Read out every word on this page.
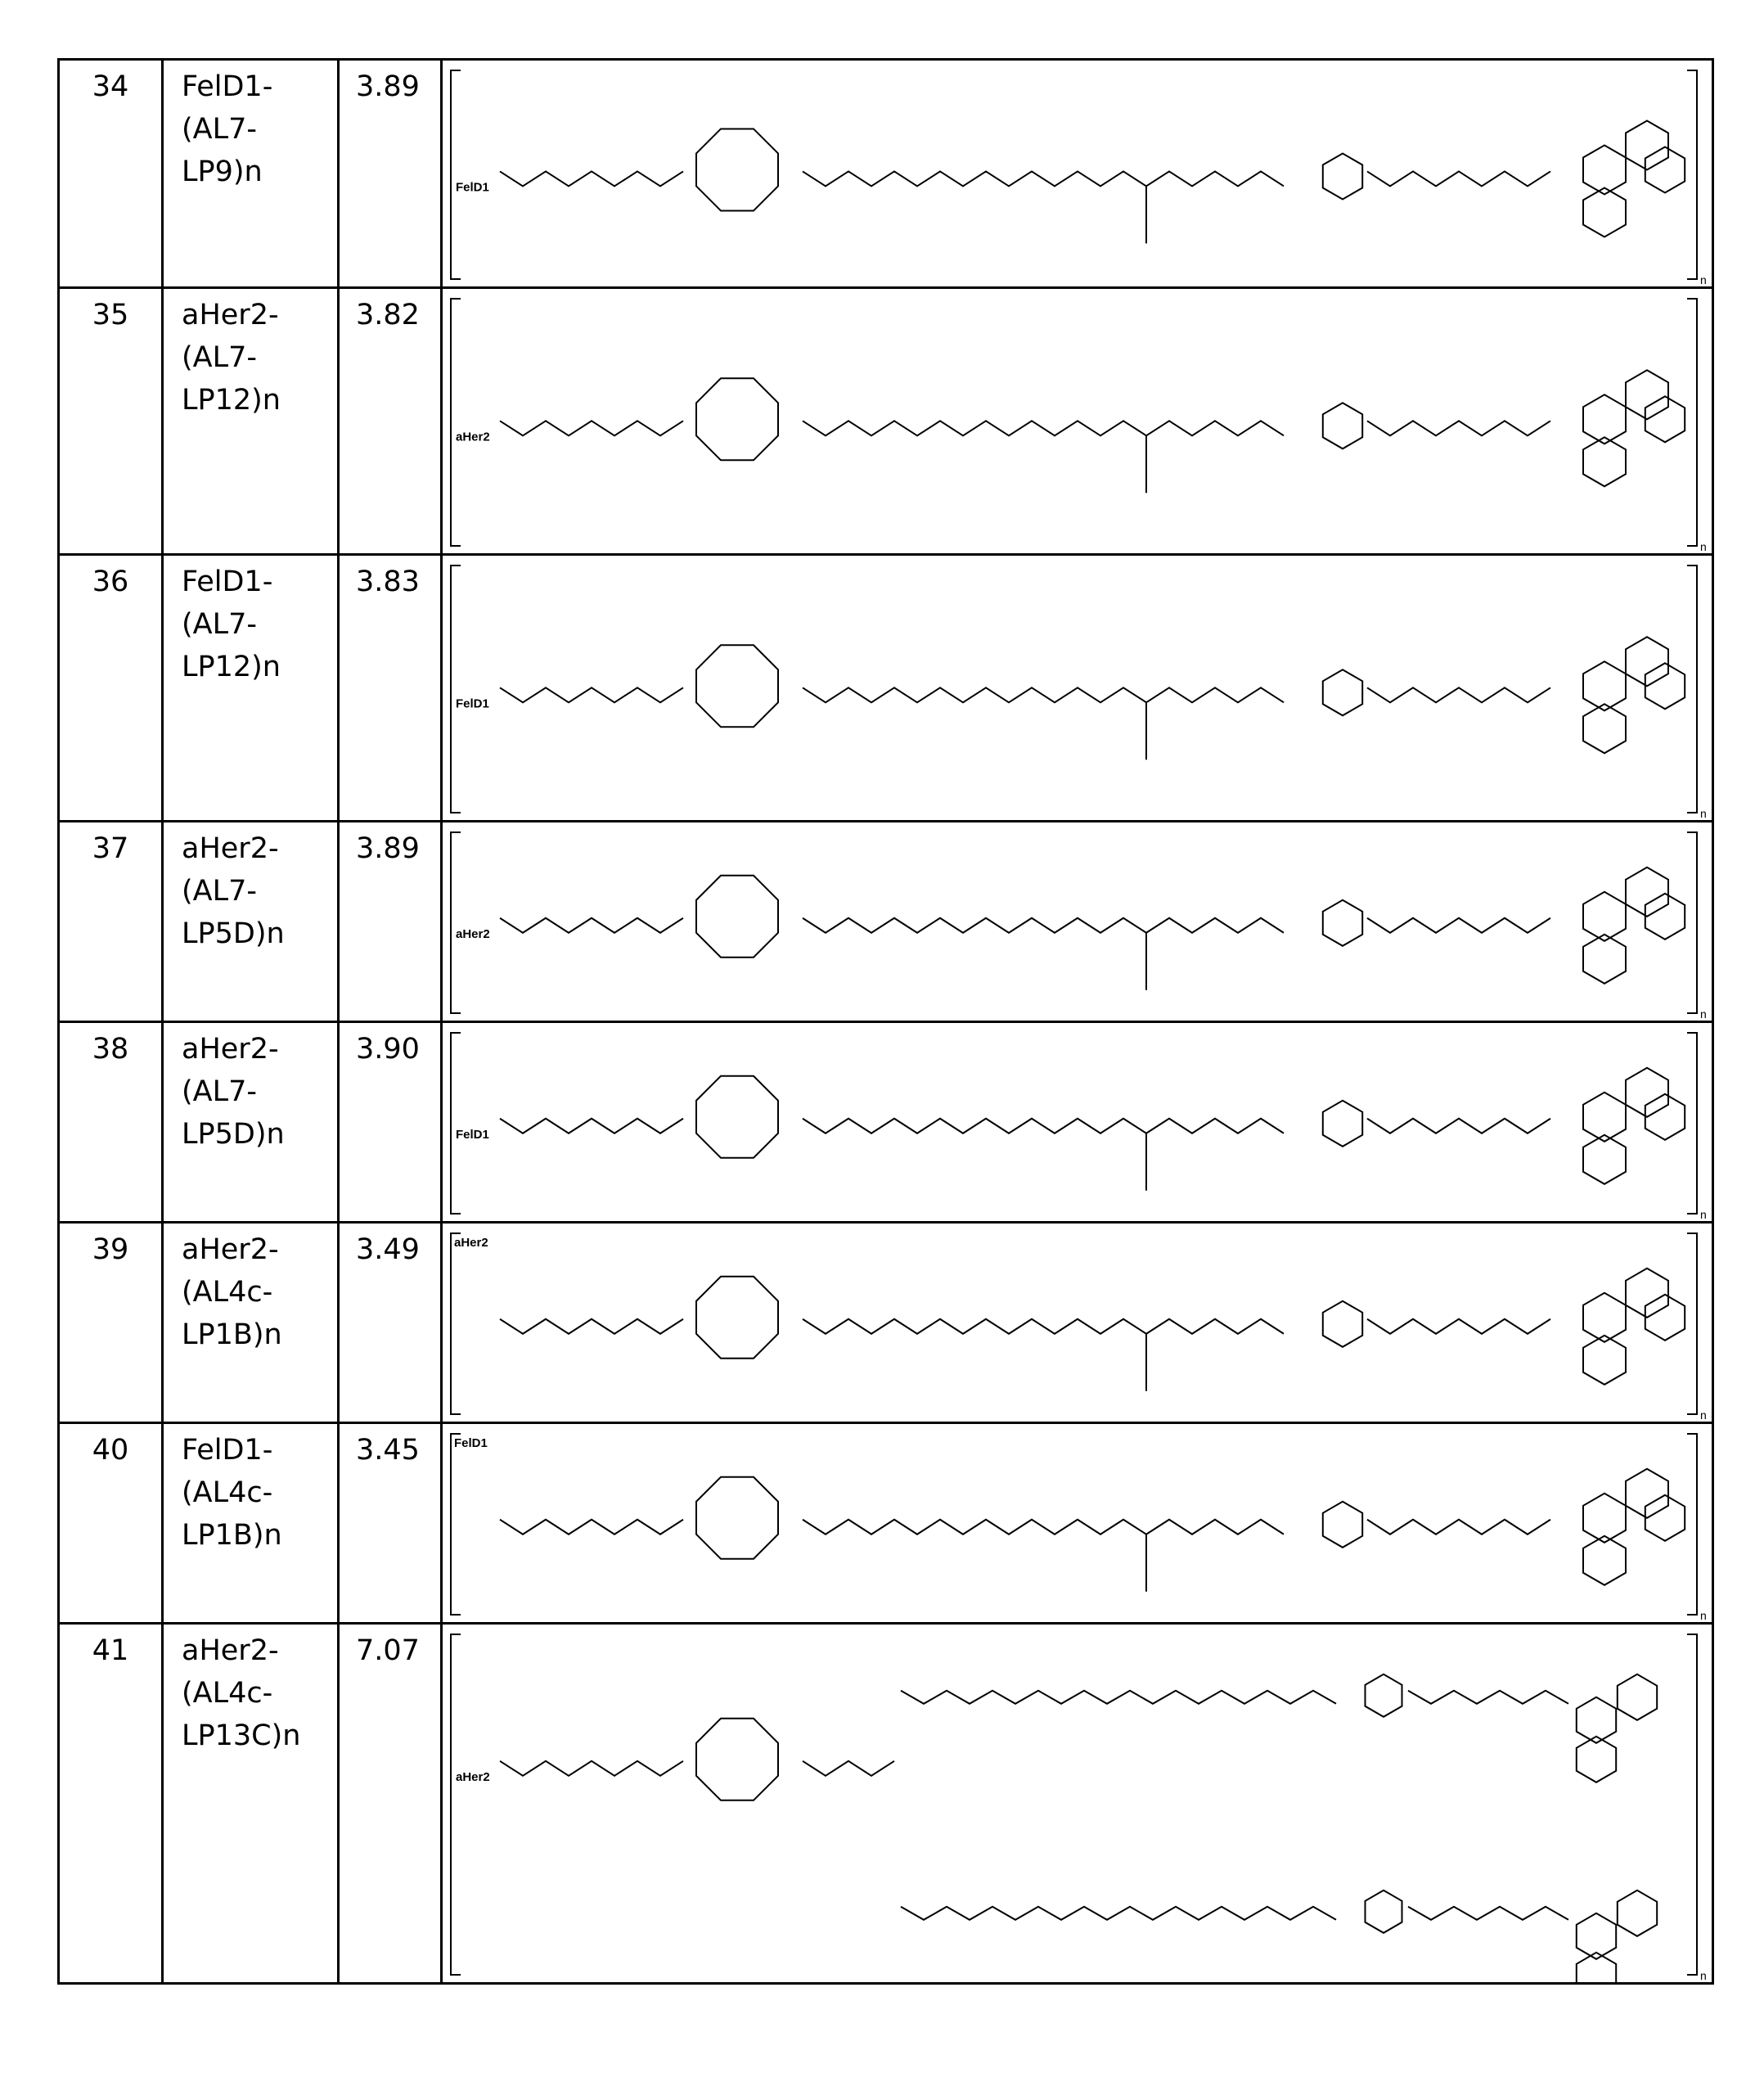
34	FelD1-
(AL7-
LP9)n
	3.89	
n
FelD1

35	aHer2-
(AL7-
LP12)n
	3.82	
n
aHer2

36	FelD1-
(AL7-
LP12)n
	3.83	
n
FelD1

37	aHer2-
(AL7-
LP5D)n
	3.89	
n
aHer2

38	aHer2-
(AL7-
LP5D)n
	3.90	
n
FelD1

39	aHer2-
(AL4c-
LP1B)n
	3.49	
n
aHer2

40	FelD1-
(AL4c-
LP1B)n
	3.45	
n
FelD1

41	aHer2-
(AL4c-
LP13C)n
	7.07	
n
aHer2
